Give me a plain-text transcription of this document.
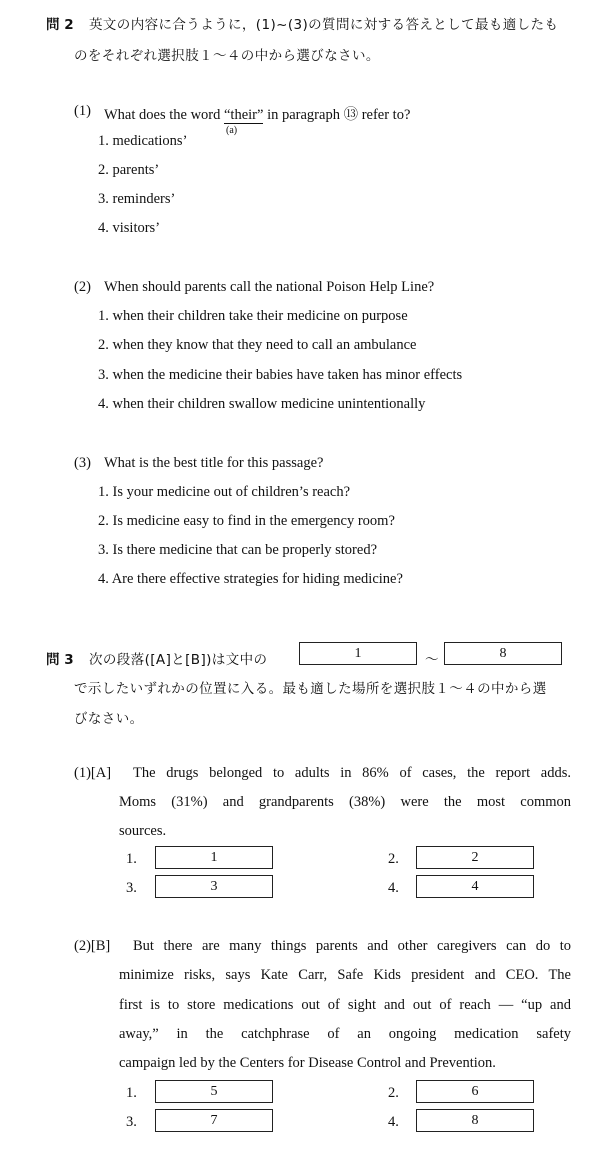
問 2 英文の内容に合うように，(1)~(3)の質問に対する答えとして最も適したも
のをそれぞれ選択肢１～４の中から選びなさい。
(1) What does the word “their”
(a)
in paragraph ⑬ refer to?
1. medications’
2. parents’
3. reminders’
4. visitors’
(2) When should parents call the national Poison Help Line?
1. when their children take their medicine on purpose
2. when they know that they need to call an ambulance
3. when the medicine their babies have taken has minor effects
4. when their children swallow medicine unintentionally
(3) What is the best title for this passage?
1. Is your medicine out of children’s reach?
2. Is medicine easy to find in the emergency room?
3. Is there medicine that can be properly stored?
4. Are there effective strategies for hiding medicine?
問 3 次の段落([A]と[B])は文中の	1	～	8
で示したいずれかの位置に入る。最も適した場所を選択肢１～４の中から選
びなさい。
(1)[A] The drugs belonged to adults in 86% of cases, the report adds.
Moms (31%) and grandparents (38%) were the most common
sources.
1.	1	2.	2
3.	3	4.	4
(2)[B] But there are many things parents and other caregivers can do to
minimize risks, says Kate Carr, Safe Kids president and CEO. The
first is to store medications out of sight and out of reach — “up and
away,” in the catchphrase of an ongoing medication safety
campaign led by the Centers for Disease Control and Prevention.
1.	5	2.	6
3.	7	4.	8
